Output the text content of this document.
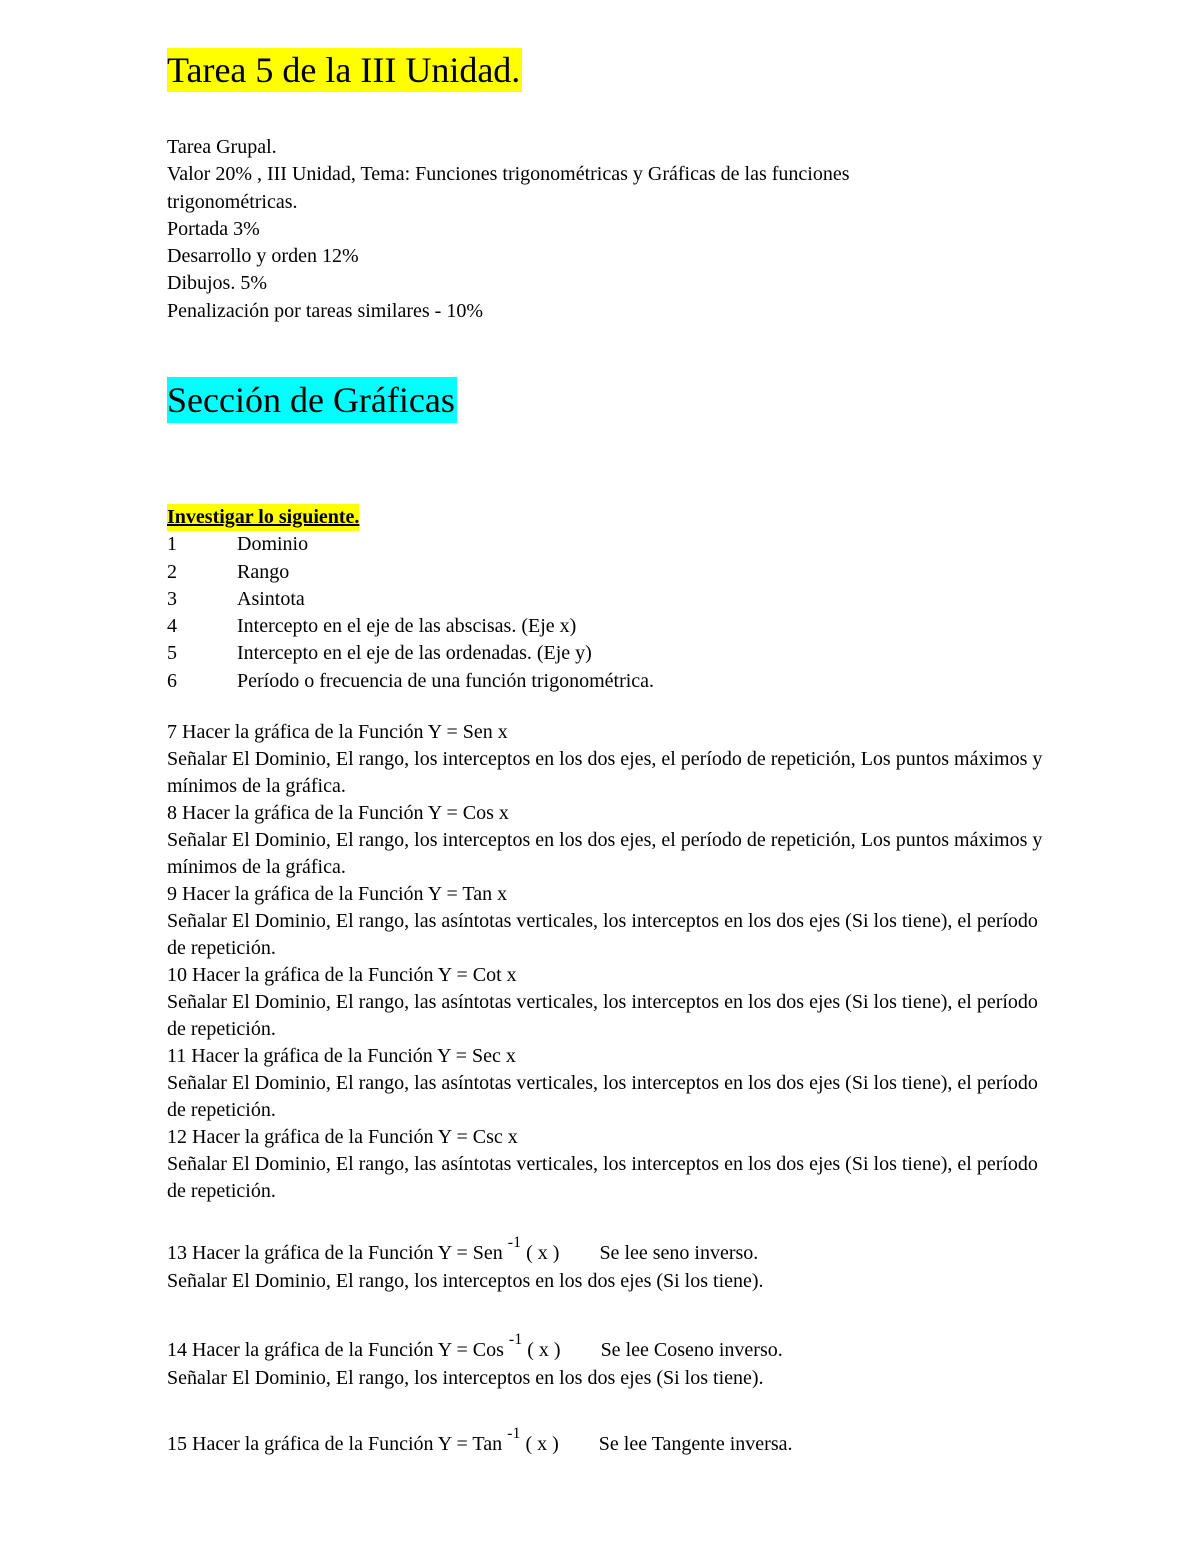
Tarea 5 de la III Unidad.
Tarea Grupal.
Valor 20% , III Unidad, Tema: Funciones trigonométricas y Gráficas de las funciones
trigonométricas.
Portada 3%
Desarrollo y orden 12%
Dibujos. 5%
Penalización por tareas similares - 10%
Sección de Gráficas
Investigar lo siguiente.
1	Dominio
2	Rango
3	Asintota
4	Intercepto en el eje de las abscisas. (Eje x)
5	Intercepto en el eje de las ordenadas. (Eje y)
6	Período o frecuencia de una función trigonométrica.

7 Hacer la gráfica de la Función Y = Sen x

Señalar El Dominio, El rango, los interceptos en los dos ejes, el período de repetición, Los puntos máximos y mínimos de la gráfica.

8 Hacer la gráfica de la Función Y = Cos x

Señalar El Dominio, El rango, los interceptos en los dos ejes, el período de repetición, Los puntos máximos y mínimos de la gráfica.

9 Hacer la gráfica de la Función Y = Tan x

Señalar El Dominio, El rango, las asíntotas verticales, los interceptos en los dos ejes (Si los tiene), el período de repetición.

10 Hacer la gráfica de la Función Y = Cot x

Señalar El Dominio, El rango, las asíntotas verticales, los interceptos en los dos ejes (Si los tiene), el período de repetición.

11 Hacer la gráfica de la Función Y = Sec x

Señalar El Dominio, El rango, las asíntotas verticales, los interceptos en los dos ejes (Si los tiene), el período de repetición.

12 Hacer la gráfica de la Función Y = Csc x

Señalar El Dominio, El rango, las asíntotas verticales, los interceptos en los dos ejes (Si los tiene), el período de repetición.

13 Hacer la gráfica de la Función Y = Sen $^{-1}$ ( x ) Se lee seno inverso.
Señalar El Dominio, El rango, los interceptos en los dos ejes (Si los tiene).
14 Hacer la gráfica de la Función Y = Cos $^{-1}$ ( x ) Se lee Coseno inverso.
Señalar El Dominio, El rango, los interceptos en los dos ejes (Si los tiene).
15 Hacer la gráfica de la Función Y = Tan $^{-1}$ ( x ) Se lee Tangente inversa.
